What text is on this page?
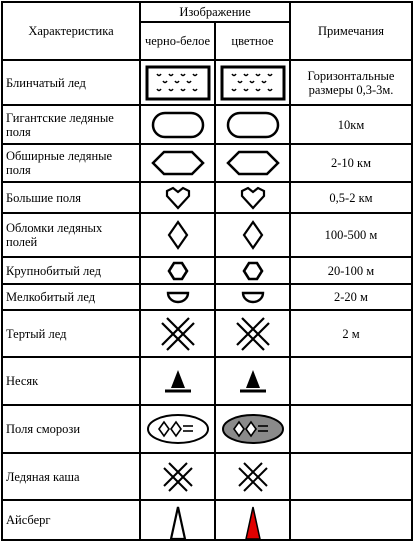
Характеристика	Изображение		Примечания
	черно-белое	цветное	
Блинчатый лед			Горизонтальные размеры 0,3-3м.
Гигантские ледяные поля			10км
Обширные ледяные поля			2-10 км
Большие поля			0,5-2 км
Обломки ледяных полей			100-500 м
Крупнобитый лед			20-100 м
Мелкобитый лед			2-20 м
Тертый лед			2 м
Несяк	

Поля сморози	

Ледяная каша	

Айсберг	
